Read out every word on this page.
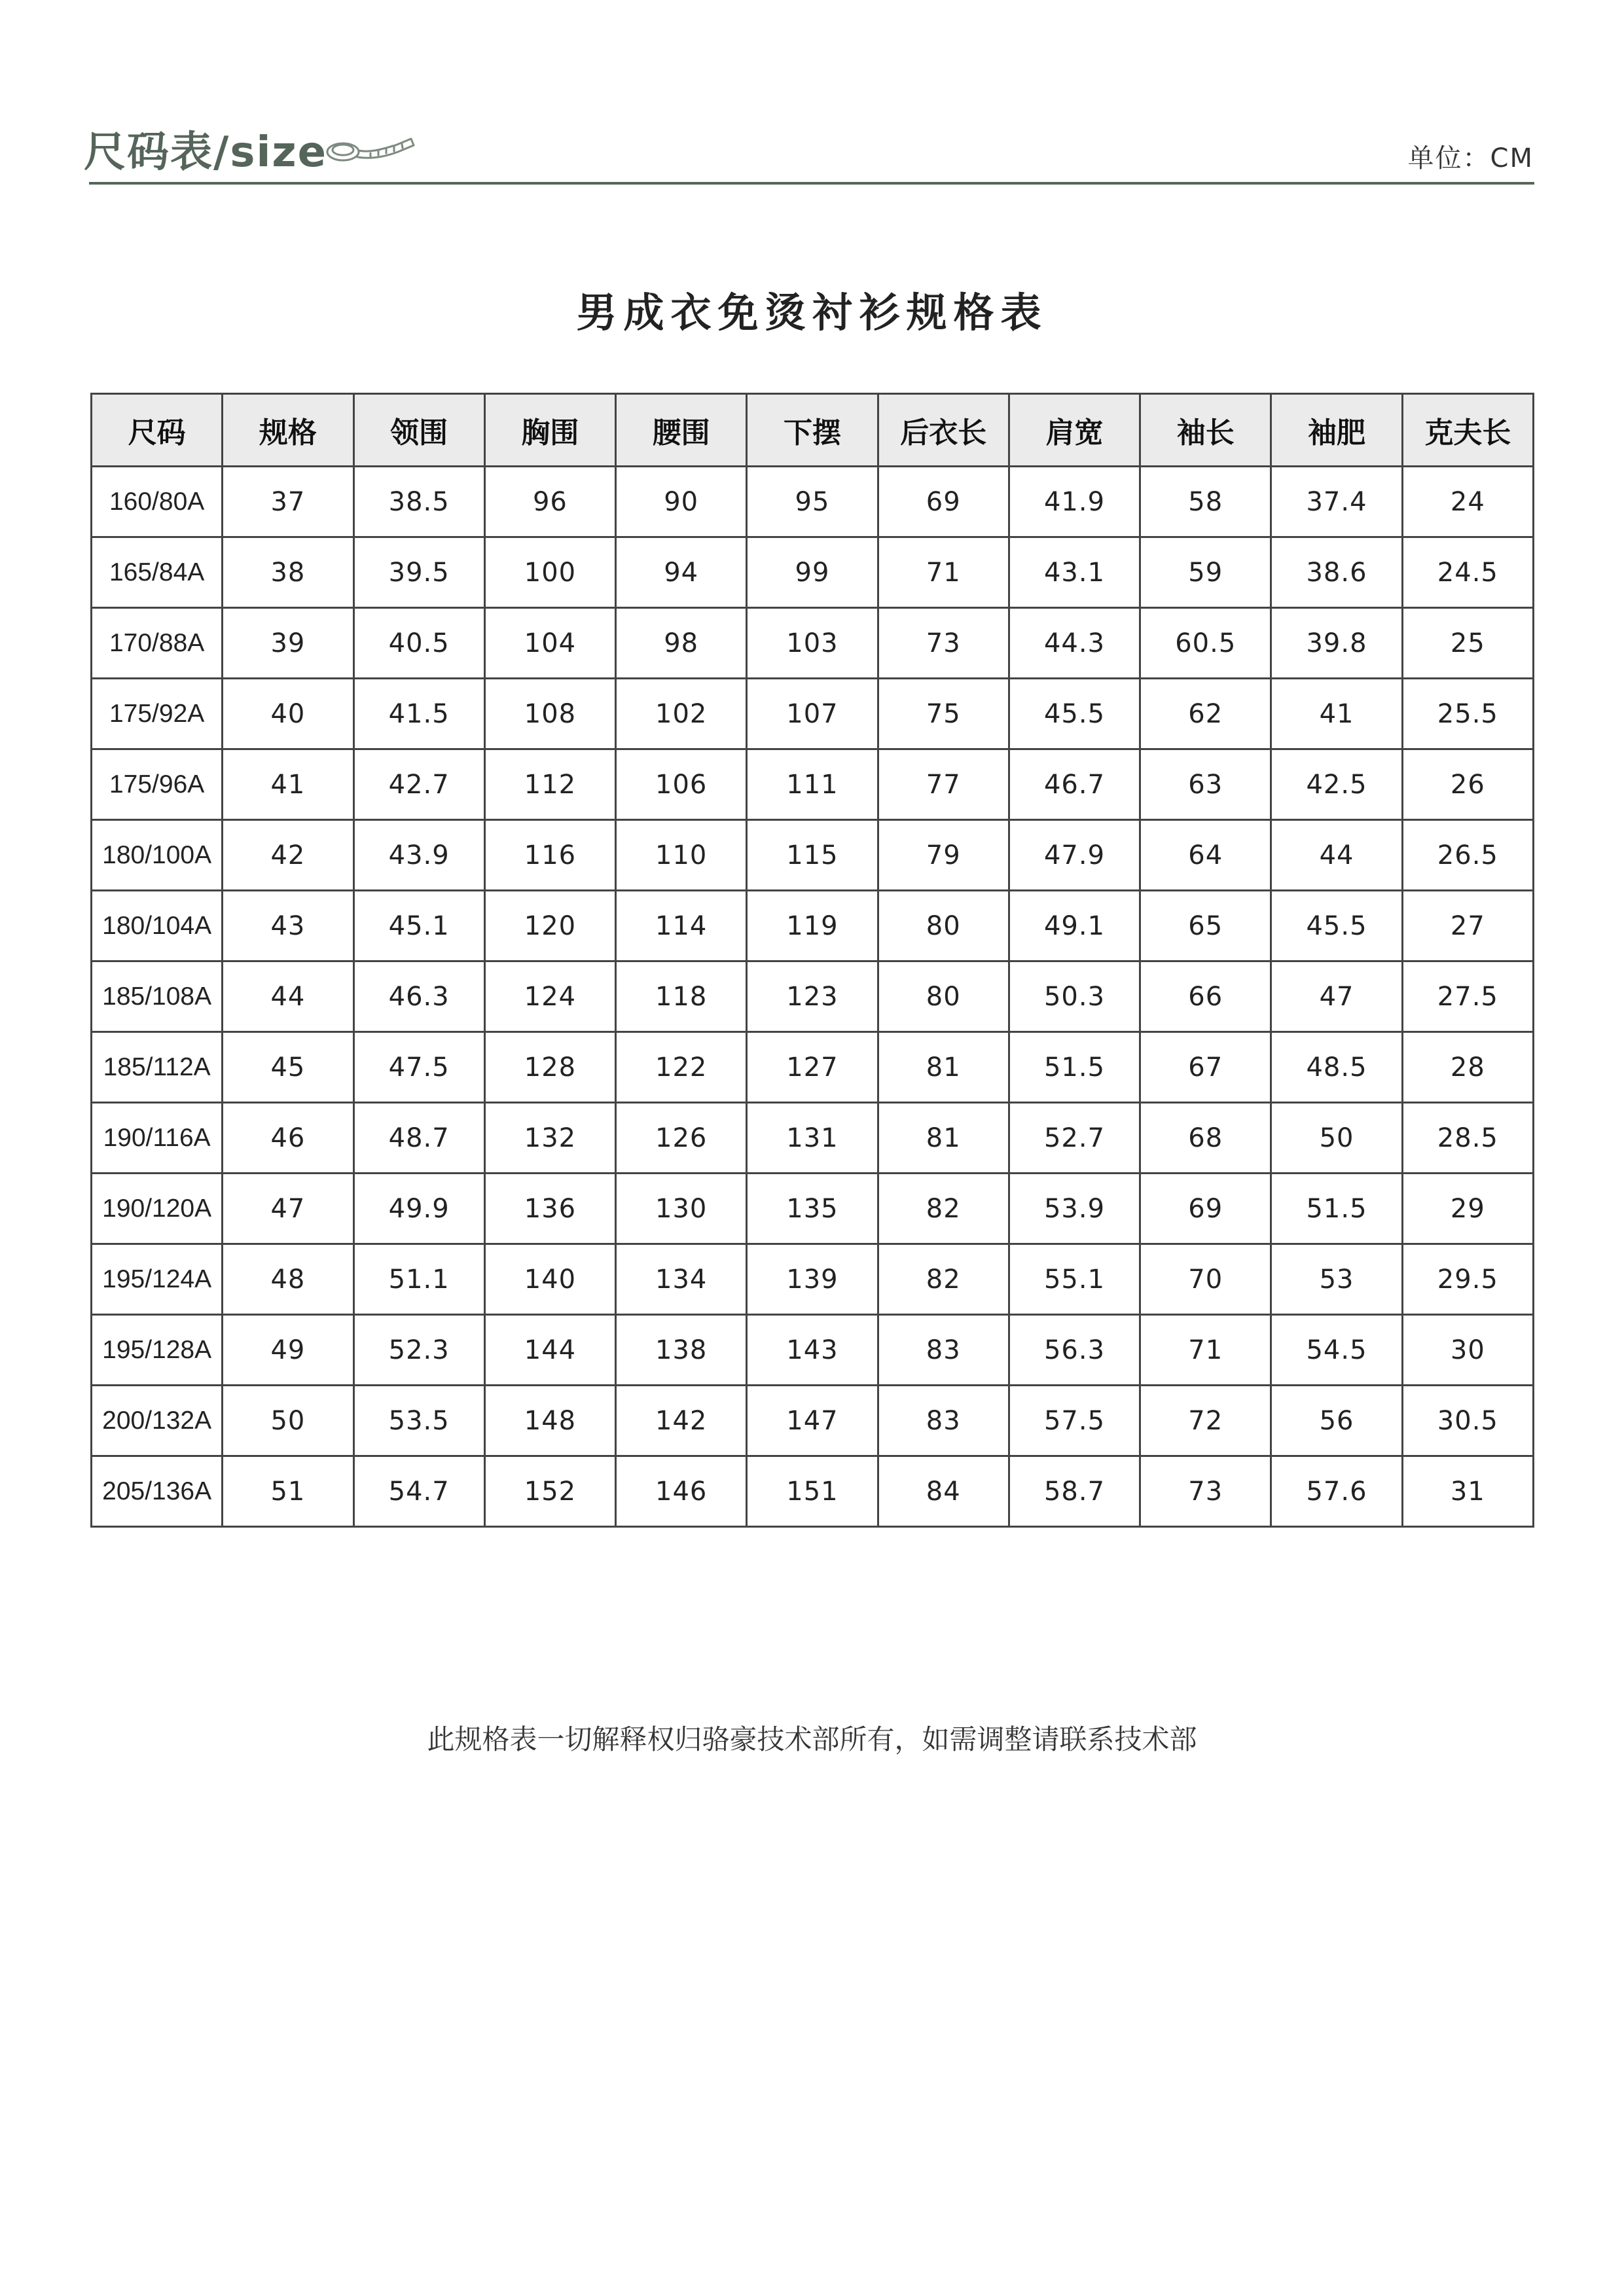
尺码表/size	单位：CM
男成衣免烫衬衫规格表
尺码	规格	领围	胸围	腰围	下摆	后衣长	肩宽	袖长	袖肥	克夫长
160/80A	37	38.5	96	90	95	69	41.9	58	37.4	24
165/84A	38	39.5	100	94	99	71	43.1	59	38.6	24.5
170/88A	39	40.5	104	98	103	73	44.3	60.5	39.8	25
175/92A	40	41.5	108	102	107	75	45.5	62	41	25.5
175/96A	41	42.7	112	106	111	77	46.7	63	42.5	26
180/100A	42	43.9	116	110	115	79	47.9	64	44	26.5
180/104A	43	45.1	120	114	119	80	49.1	65	45.5	27
185/108A	44	46.3	124	118	123	80	50.3	66	47	27.5
185/112A	45	47.5	128	122	127	81	51.5	67	48.5	28
190/116A	46	48.7	132	126	131	81	52.7	68	50	28.5
190/120A	47	49.9	136	130	135	82	53.9	69	51.5	29
195/124A	48	51.1	140	134	139	82	55.1	70	53	29.5
195/128A	49	52.3	144	138	143	83	56.3	71	54.5	30
200/132A	50	53.5	148	142	147	83	57.5	72	56	30.5
205/136A	51	54.7	152	146	151	84	58.7	73	57.6	31
此规格表一切解释权归骆豪技术部所有，如需调整请联系技术部
